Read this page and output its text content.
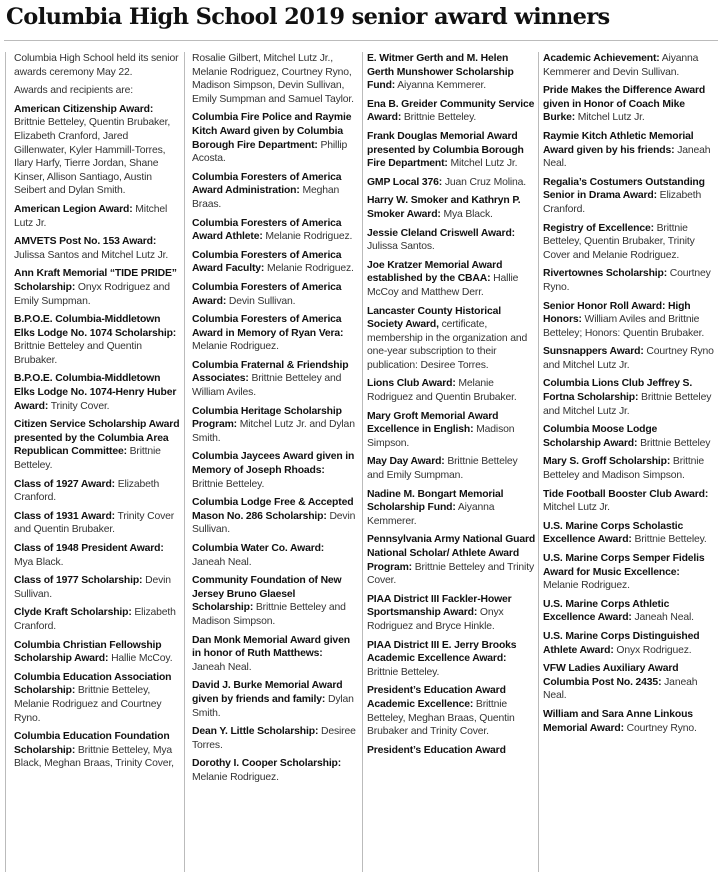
Columbia High School 2019 senior award winners

Columbia High School held its senior awards ceremony May 22.

Awards and recipients are:

American Citizenship Award: Brittnie Betteley, Quentin Brubaker, Elizabeth Cranford, Jared Gillenwater, Kyler Hammill-Torres, Ilary Harfy, Tierre Jordan, Shane Kinser, Allison Santiago, Austin Seibert and Dylan Smith.

American Legion Award: Mitchel Lutz Jr.

AMVETS Post No. 153 Award: Julissa Santos and Mitchel Lutz Jr.

Ann Kraft Memorial “TIDE PRIDE” Scholarship: Onyx Rodriguez and Emily Sumpman.

B.P.O.E. Columbia-Middletown Elks Lodge No. 1074 Scholarship: Brittnie Betteley and Quentin Brubaker.

B.P.O.E. Columbia-Middletown Elks Lodge No. 1074-Henry Huber Award: Trinity Cover.

Citizen Service Scholarship Award presented by the Columbia Area Republican Committee: Brittnie Betteley.

Class of 1927 Award: Elizabeth Cranford.

Class of 1931 Award: Trinity Cover and Quentin Brubaker.

Class of 1948 President Award: Mya Black.

Class of 1977 Scholarship: Devin Sullivan.

Clyde Kraft Scholarship: Elizabeth Cranford.

Columbia Christian Fellowship Scholarship Award: Hallie McCoy.

Columbia Education Association Scholarship: Brittnie Betteley, Melanie Rodriguez and Courtney Ryno.

Columbia Education Foundation Scholarship: Brittnie Betteley, Mya Black, Meghan Braas, Trinity Cover,

Rosalie Gilbert, Mitchel Lutz Jr., Melanie Rodriguez, Courtney Ryno, Madison Simpson, Devin Sullivan, Emily Sumpman and Samuel Taylor.

Columbia Fire Police and Raymie Kitch Award given by Columbia Borough Fire Department: Phillip Acosta.

Columbia Foresters of America Award Administration: Meghan Braas.

Columbia Foresters of America Award Athlete: Melanie Rodriguez.

Columbia Foresters of America Award Faculty: Melanie Rodriguez.

Columbia Foresters of America Award: Devin Sullivan.

Columbia Foresters of America Award in Memory of Ryan Vera: Melanie Rodriguez.

Columbia Fraternal & Friendship Associates: Brittnie Betteley and William Aviles.

Columbia Heritage Scholarship Program: Mitchel Lutz Jr. and Dylan Smith.

Columbia Jaycees Award given in Memory of Joseph Rhoads: Brittnie Betteley.

Columbia Lodge Free & Accepted Mason No. 286 Scholarship: Devin Sullivan.

Columbia Water Co. Award: Janeah Neal.

Community Foundation of New Jersey Bruno Glaesel Scholarship: Brittnie Betteley and Madison Simpson.

Dan Monk Memorial Award given in honor of Ruth Matthews: Janeah Neal.

David J. Burke Memorial Award given by friends and family: Dylan Smith.

Dean Y. Little Scholarship: Desiree Torres.

Dorothy I. Cooper Scholarship: Melanie Rodriguez.

E. Witmer Gerth and M. Helen Gerth Munshower Scholarship Fund: Aiyanna Kemmerer.

Ena B. Greider Community Service Award: Brittnie Betteley.

Frank Douglas Memorial Award presented by Columbia Borough Fire Department: Mitchel Lutz Jr.

GMP Local 376: Juan Cruz Molina.

Harry W. Smoker and Kathryn P. Smoker Award: Mya Black.

Jessie Cleland Criswell Award: Julissa Santos.

Joe Kratzer Memorial Award established by the CBAA: Hallie McCoy and Matthew Derr.

Lancaster County Historical Society Award, certificate, membership in the organization and one-year subscription to their publication: Desiree Torres.

Lions Club Award: Melanie Rodriguez and Quentin Brubaker.

Mary Groft Memorial Award Excellence in English: Madison Simpson.

May Day Award: Brittnie Betteley and Emily Sumpman.

Nadine M. Bongart Memorial Scholarship Fund: Aiyanna Kemmerer.

Pennsylvania Army National Guard National Scholar/ Athlete Award Program: Brittnie Betteley and Trinity Cover.

PIAA District III Fackler-Hower Sportsmanship Award: Onyx Rodriguez and Bryce Hinkle.

PIAA District III E. Jerry Brooks Academic Excellence Award: Brittnie Betteley.

President’s Education Award Academic Excellence: Brittnie Betteley, Meghan Braas, Quentin Brubaker and Trinity Cover.

President’s Education Award

Academic Achievement: Aiyanna Kemmerer and Devin Sullivan.

Pride Makes the Difference Award given in Honor of Coach Mike Burke: Mitchel Lutz Jr.

Raymie Kitch Athletic Memorial Award given by his friends: Janeah Neal.

Regalia’s Costumers Outstanding Senior in Drama Award: Elizabeth Cranford.

Registry of Excellence: Brittnie Betteley, Quentin Brubaker, Trinity Cover and Melanie Rodriguez.

Rivertownes Scholarship: Courtney Ryno.

Senior Honor Roll Award: High Honors: William Aviles and Brittnie Betteley; Honors: Quentin Brubaker.

Sunsnappers Award: Courtney Ryno and Mitchel Lutz Jr.

Columbia Lions Club Jeffrey S. Fortna Scholarship: Brittnie Betteley and Mitchel Lutz Jr.

Columbia Moose Lodge Scholarship Award: Brittnie Betteley

Mary S. Groff Scholarship: Brittnie Betteley and Madison Simpson.

Tide Football Booster Club Award: Mitchel Lutz Jr.

U.S. Marine Corps Scholastic Excellence Award: Brittnie Betteley.

U.S. Marine Corps Semper Fidelis Award for Music Excellence: Melanie Rodriguez.

U.S. Marine Corps Athletic Excellence Award: Janeah Neal.

U.S. Marine Corps Distinguished Athlete Award: Onyx Rodriguez.

VFW Ladies Auxiliary Award Columbia Post No. 2435: Janeah Neal.

William and Sara Anne Linkous Memorial Award: Courtney Ryno.
